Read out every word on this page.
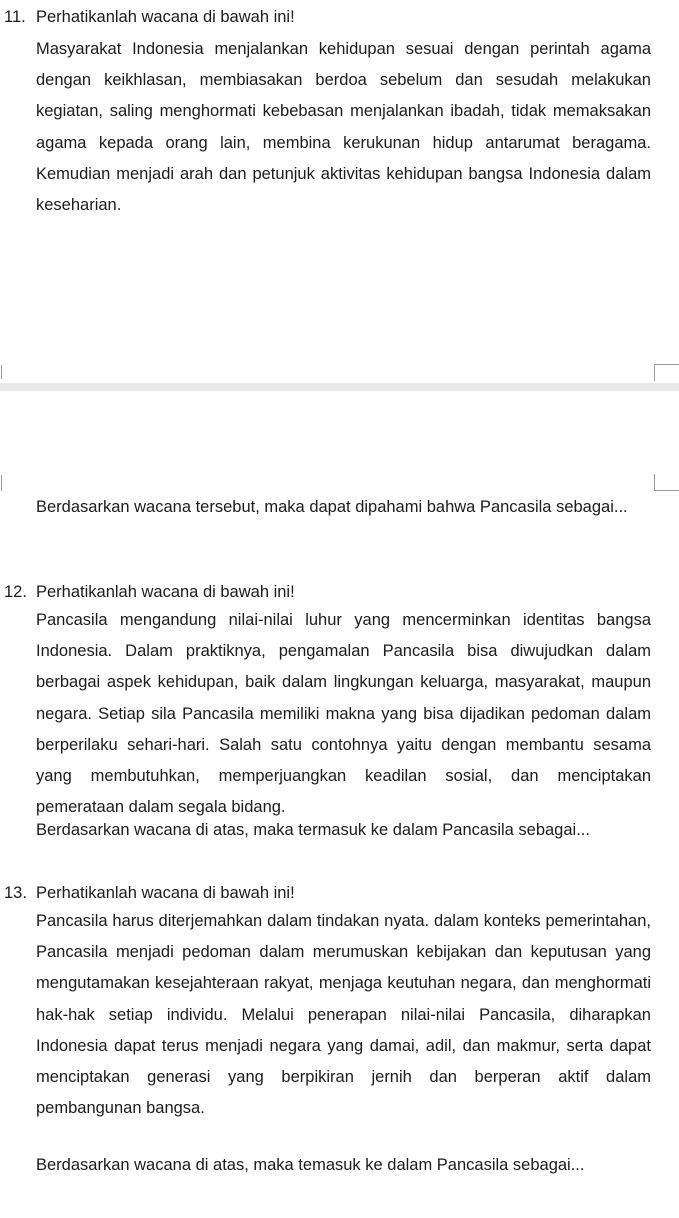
11. Perhatikanlah wacana di bawah ini!

Masyarakat Indonesia menjalankan kehidupan sesuai dengan perintah agama dengan keikhlasan, membiasakan berdoa sebelum dan sesudah melakukan kegiatan, saling menghormati kebebasan menjalankan ibadah, tidak memaksakan agama kepada orang lain, membina kerukunan hidup antarumat beragama. Kemudian menjadi arah dan petunjuk aktivitas kehidupan bangsa Indonesia dalam keseharian.

Berdasarkan wacana tersebut, maka dapat dipahami bahwa Pancasila sebagai...

12. Perhatikanlah wacana di bawah ini!

Pancasila mengandung nilai-nilai luhur yang mencerminkan identitas bangsa Indonesia. Dalam praktiknya, pengamalan Pancasila bisa diwujudkan dalam berbagai aspek kehidupan, baik dalam lingkungan keluarga, masyarakat, maupun negara. Setiap sila Pancasila memiliki makna yang bisa dijadikan pedoman dalam berperilaku sehari-hari. Salah satu contohnya yaitu dengan membantu sesama yang membutuhkan, memperjuangkan keadilan sosial, dan menciptakan pemerataan dalam segala bidang.

Berdasarkan wacana di atas, maka termasuk ke dalam Pancasila sebagai...

13. Perhatikanlah wacana di bawah ini!

Pancasila harus diterjemahkan dalam tindakan nyata. dalam konteks pemerintahan, Pancasila menjadi pedoman dalam merumuskan kebijakan dan keputusan yang mengutamakan kesejahteraan rakyat, menjaga keutuhan negara, dan menghormati hak-hak setiap individu. Melalui penerapan nilai-nilai Pancasila, diharapkan Indonesia dapat terus menjadi negara yang damai, adil, dan makmur, serta dapat menciptakan generasi yang berpikiran jernih dan berperan aktif dalam pembangunan bangsa.

Berdasarkan wacana di atas, maka temasuk ke dalam Pancasila sebagai...
